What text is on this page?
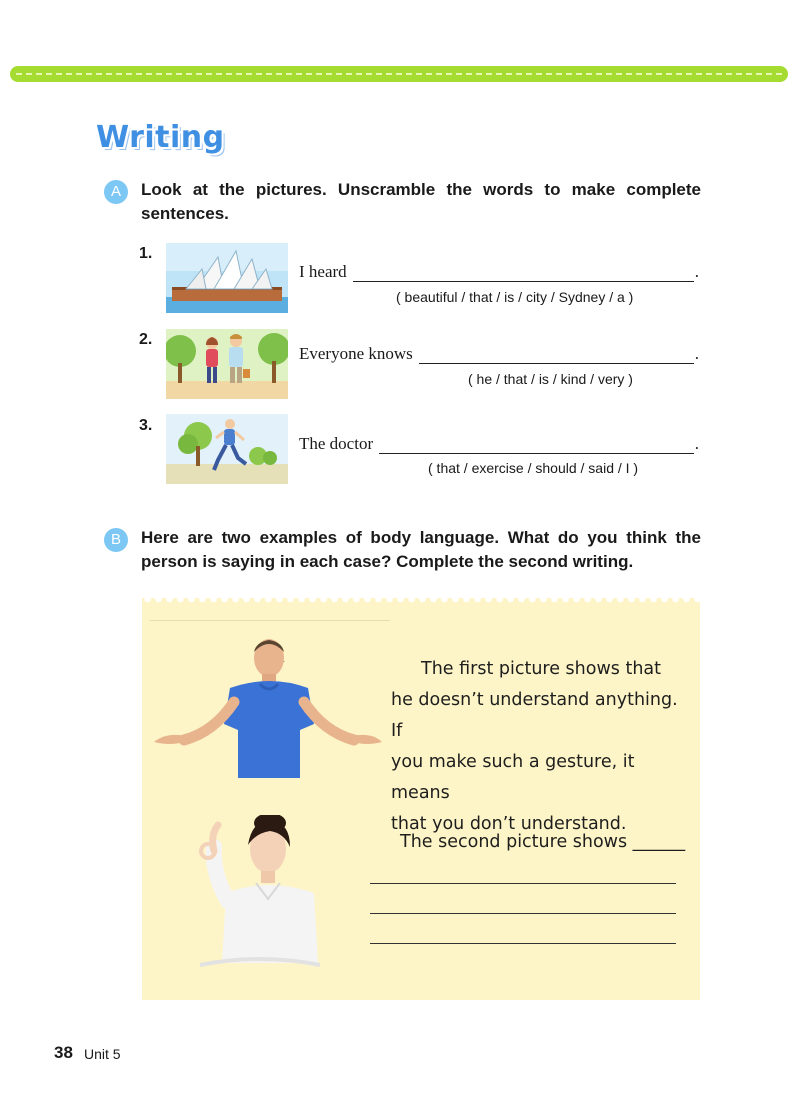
Writing
A	Look at the pictures. Unscramble the words to make complete sentences.

1.
I heard	.
( beautiful / that / is / city / Sydney / a )
2.
Everyone knows	.
( he / that / is / kind / very )
3.
The doctor	.
( that / exercise / should / said / I )
B	Here are two examples of body language. What do you think the person is saying in each case? Complete the second writing.

The first picture shows that
he doesn’t understand anything. If
you make such a gesture, it means
that you don’t understand.
The second picture shows ______
38 Unit 5
